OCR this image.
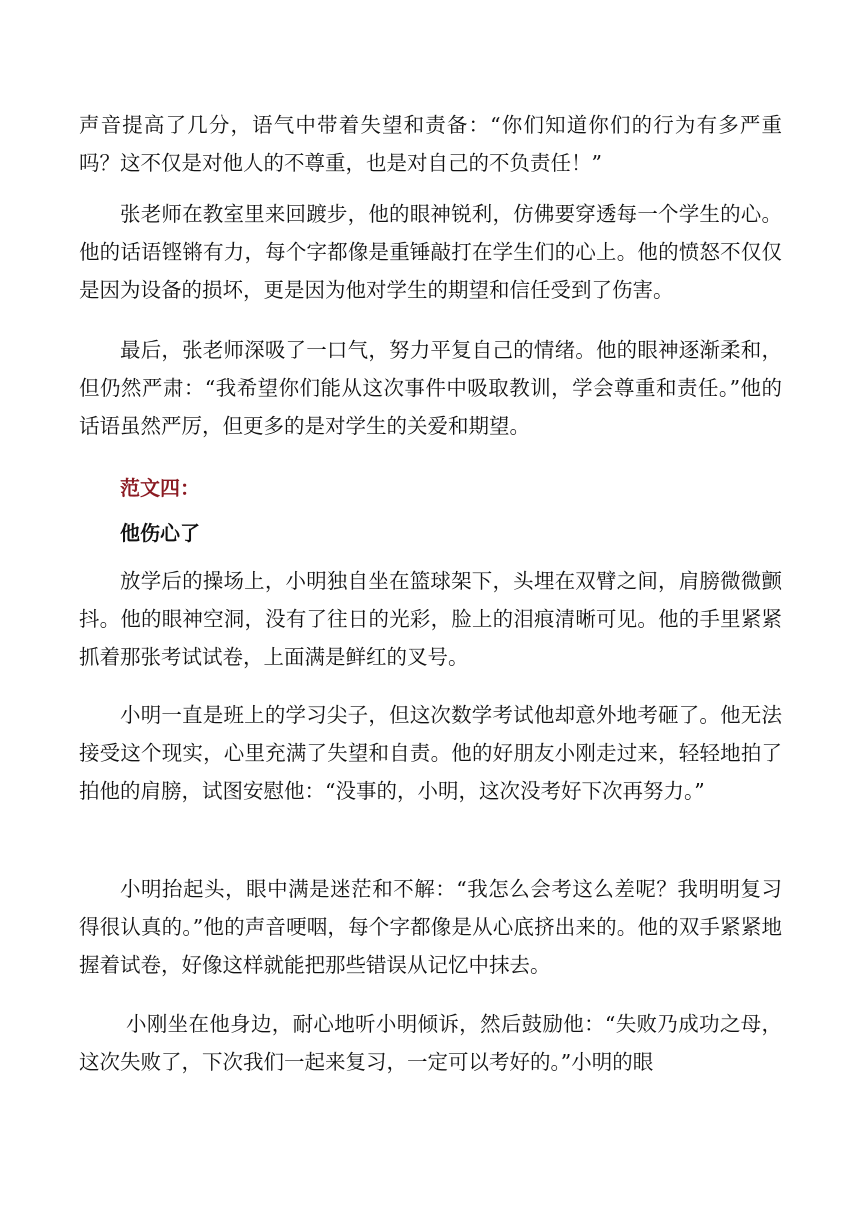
声音提高了几分，语气中带着失望和责备：“你们知道你们的行为有多严重吗？这不仅是对他人的不尊重，也是对自己的不负责任！”

张老师在教室里来回踱步，他的眼神锐利，仿佛要穿透每一个学生的心。他的话语铿锵有力，每个字都像是重锤敲打在学生们的心上。他的愤怒不仅仅是因为设备的损坏，更是因为他对学生的期望和信任受到了伤害。

最后，张老师深吸了一口气，努力平复自己的情绪。他的眼神逐渐柔和，但仍然严肃：“我希望你们能从这次事件中吸取教训，学会尊重和责任。”他的话语虽然严厉，但更多的是对学生的关爱和期望。

范文四：

他伤心了

放学后的操场上，小明独自坐在篮球架下，头埋在双臂之间，肩膀微微颤抖。他的眼神空洞，没有了往日的光彩，脸上的泪痕清晰可见。他的手里紧紧抓着那张考试试卷，上面满是鲜红的叉号。

小明一直是班上的学习尖子，但这次数学考试他却意外地考砸了。他无法接受这个现实，心里充满了失望和自责。他的好朋友小刚走过来，轻轻地拍了拍他的肩膀，试图安慰他：“没事的，小明，这次没考好下次再努力。”

小明抬起头，眼中满是迷茫和不解：“我怎么会考这么差呢？我明明复习得很认真的。”他的声音哽咽，每个字都像是从心底挤出来的。他的双手紧紧地握着试卷，好像这样就能把那些错误从记忆中抹去。

小刚坐在他身边，耐心地听小明倾诉，然后鼓励他：“失败乃成功之母，这次失败了，下次我们一起来复习，一定可以考好的。”小明的眼
